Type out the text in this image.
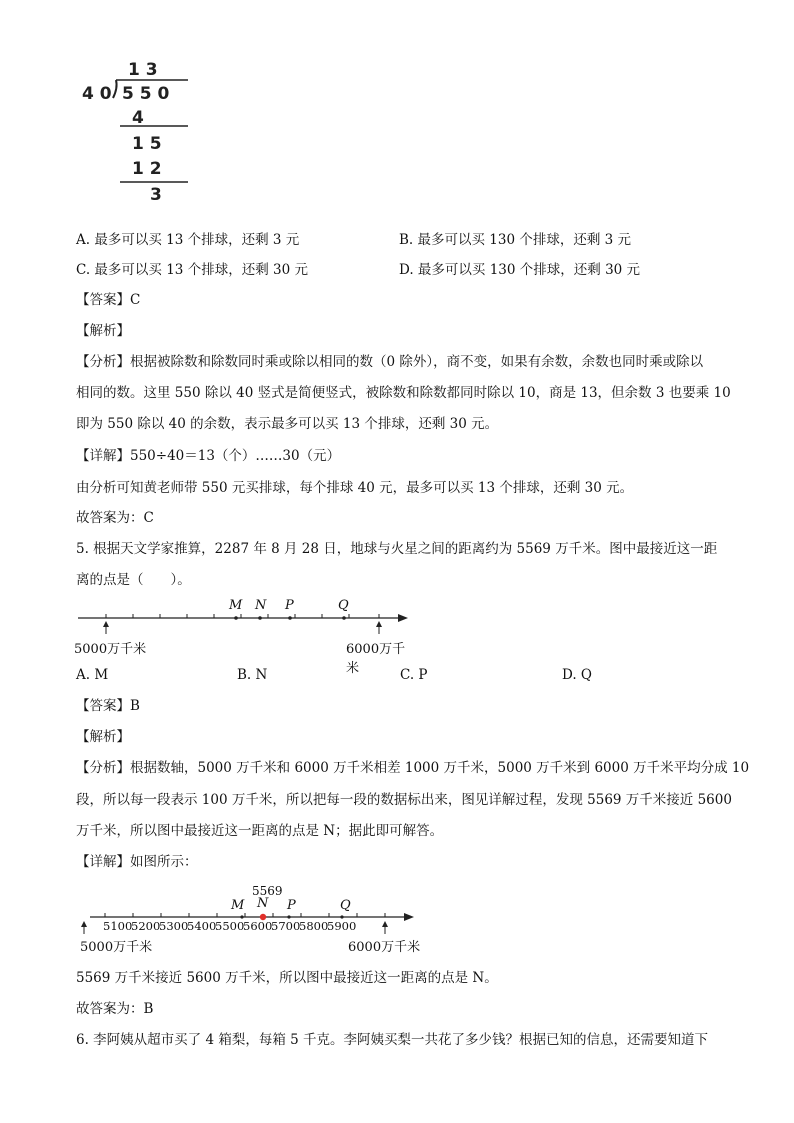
1 3
4 0 5 5 0
4
1 5
1 2
3
A. 最多可以买 13 个排球，还剩 3 元	B. 最多可以买 130 个排球，还剩 3 元
C. 最多可以买 13 个排球，还剩 30 元	D. 最多可以买 130 个排球，还剩 30 元
【答案】C
【解析】
【分析】根据被除数和除数同时乘或除以相同的数（0 除外），商不变，如果有余数，余数也同时乘或除以
相同的数。这里 550 除以 40 竖式是简便竖式，被除数和除数都同时除以 10，商是 13，但余数 3 也要乘 10
即为 550 除以 40 的余数，表示最多可以买 13 个排球，还剩 30 元。
【详解】550÷40＝13（个）……30（元）
由分析可知黄老师带 550 元买排球，每个排球 40 元，最多可以买 13 个排球，还剩 30 元。
故答案为：C
5. 根据天文学家推算，2287 年 8 月 28 日，地球与火星之间的距离约为 5569 万千米。图中最接近这一距
离的点是（　　）。
M N P	Q
5000万千米	6000万千米
A. M	B. N	C. P	D. Q
【答案】B
【解析】
【分析】根据数轴，5000 万千米和 6000 万千米相差 1000 万千米，5000 万千米到 6000 万千米平均分成 10
段，所以每一段表示 100 万千米，所以把每一段的数据标出来，图见详解过程，发现 5569 万千米接近 5600
万千米，所以图中最接近这一距离的点是 N；据此即可解答。
【详解】如图所示：
5569
M N P	Q
5100
5200
5300
5400
5500
5600
5700
5800
5900
5000万千米	6000万千米
5569 万千米接近 5600 万千米，所以图中最接近这一距离的点是 N。
故答案为：B
6. 李阿姨从超市买了 4 箱梨，每箱 5 千克。李阿姨买梨一共花了多少钱？根据已知的信息，还需要知道下
